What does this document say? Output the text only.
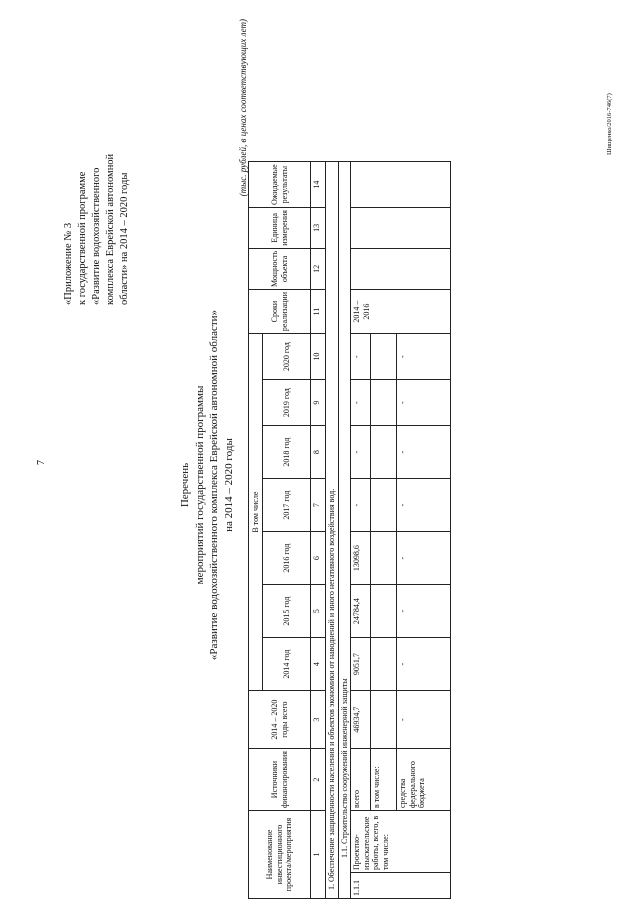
7
«Приложение № 3 к государственной программе «Развитие водохозяйственного комплекса Еврейской автономной области» на 2014 – 2020 годы
Перечень мероприятий государственной программы «Развитие водохозяйственного комплекса Еврейской автономной области» на 2014 – 2020 годы
(тыс. рублей, в ценах соответствующих лет)
Наименование инвестиционного проекта/мероприятия		Источники финансирования	2014 – 2020 годы всего	В том числе							Сроки реализации	Мощность объекта	Единица измерения	Ожидаемые результаты
				2014 год	2015 год	2016 год	2017 год	2018 год	2019 год	2020 год				
1		2	3	4	5	6	7	8	9	10	11	12	13	14
1. Обеспечение защищенности населения и объектов экономики от наводнений и иного негативного воздействия вод.														
1.1. Строительство сооружений инженерной защиты														
1.1.1	Проектно-изыскательские работы, всего, в том числе:	всего	46934,7	9051,7	24784,4	13098,6	-	-	-	-	2014 – 2016			
		в том числе:												
		средства федерального бюджета	-	-	-	-	-	-	-	-				
Шищенко/2016-746(7)
